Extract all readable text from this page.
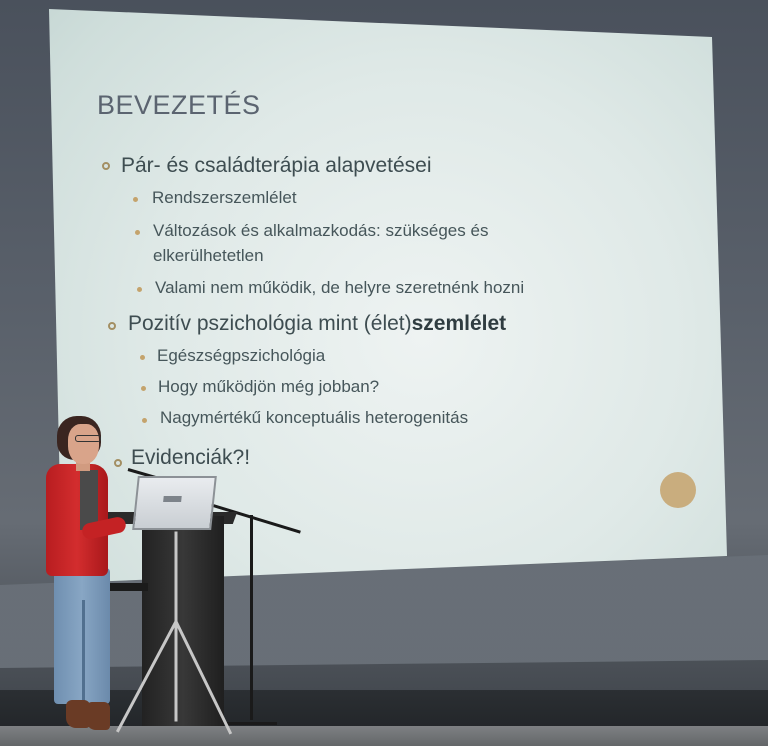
BEVEZETÉS
Pár- és családterápia alapvetései
Rendszerszemlélet
Változások és alkalmazkodás: szükséges és
elkerülhetetlen
Valami nem működik, de helyre szeretnénk hozni
Pozitív pszichológia mint (élet)szemlélet
Egészségpszichológia
Hogy működjön még jobban?
Nagymértékű konceptuális heterogenitás
Evidenciák?!
